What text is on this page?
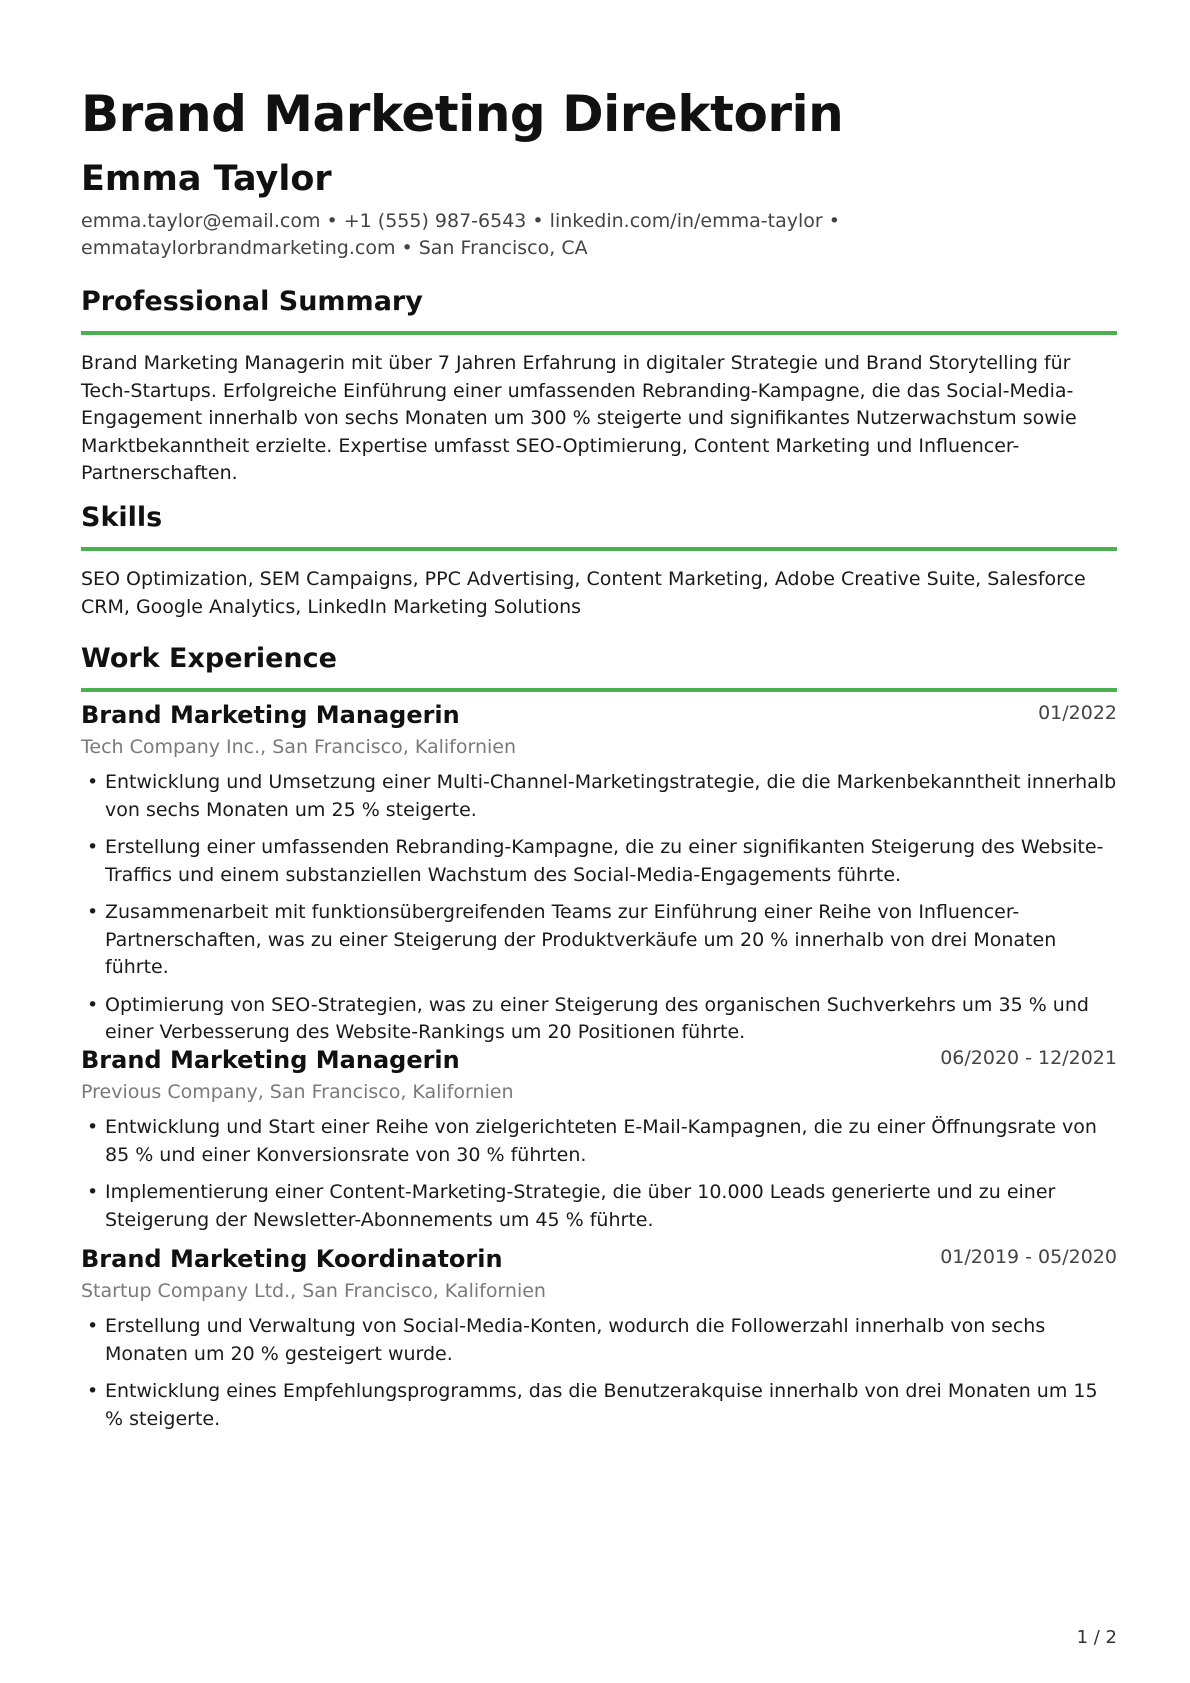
Brand Marketing Direktorin
Emma Taylor
emma.taylor@email.com • +1 (555) 987-6543 • linkedin.com/in/emma-taylor • emmataylorbrandmarketing.com • San Francisco, CA
Professional Summary
Brand Marketing Managerin mit über 7 Jahren Erfahrung in digitaler Strategie und Brand Storytelling für Tech-Startups. Erfolgreiche Einführung einer umfassenden Rebranding-Kampagne, die das Social-Media-Engagement innerhalb von sechs Monaten um 300 % steigerte und signifikantes Nutzerwachstum sowie Marktbekanntheit erzielte. Expertise umfasst SEO-Optimierung, Content Marketing und Influencer-Partnerschaften.
Skills
SEO Optimization, SEM Campaigns, PPC Advertising, Content Marketing, Adobe Creative Suite, Salesforce CRM, Google Analytics, LinkedIn Marketing Solutions
Work Experience
Brand Marketing Managerin	01/2022
Tech Company Inc., San Francisco, Kalifornien
• Entwicklung und Umsetzung einer Multi-Channel-Marketingstrategie, die die Markenbekanntheit innerhalb von sechs Monaten um 25 % steigerte.
• Erstellung einer umfassenden Rebranding-Kampagne, die zu einer signifikanten Steigerung des Website-Traffics und einem substanziellen Wachstum des Social-Media-Engagements führte.
• Zusammenarbeit mit funktionsübergreifenden Teams zur Einführung einer Reihe von Influencer-Partnerschaften, was zu einer Steigerung der Produktverkäufe um 20 % innerhalb von drei Monaten führte.
• Optimierung von SEO-Strategien, was zu einer Steigerung des organischen Suchverkehrs um 35 % und einer Verbesserung des Website-Rankings um 20 Positionen führte.
Brand Marketing Managerin	06/2020 - 12/2021
Previous Company, San Francisco, Kalifornien
• Entwicklung und Start einer Reihe von zielgerichteten E-Mail-Kampagnen, die zu einer Öffnungsrate von 85 % und einer Konversionsrate von 30 % führten.
• Implementierung einer Content-Marketing-Strategie, die über 10.000 Leads generierte und zu einer Steigerung der Newsletter-Abonnements um 45 % führte.
Brand Marketing Koordinatorin	01/2019 - 05/2020
Startup Company Ltd., San Francisco, Kalifornien
• Erstellung und Verwaltung von Social-Media-Konten, wodurch die Followerzahl innerhalb von sechs Monaten um 20 % gesteigert wurde.
• Entwicklung eines Empfehlungsprogramms, das die Benutzerakquise innerhalb von drei Monaten um 15 % steigerte.
1 / 2
